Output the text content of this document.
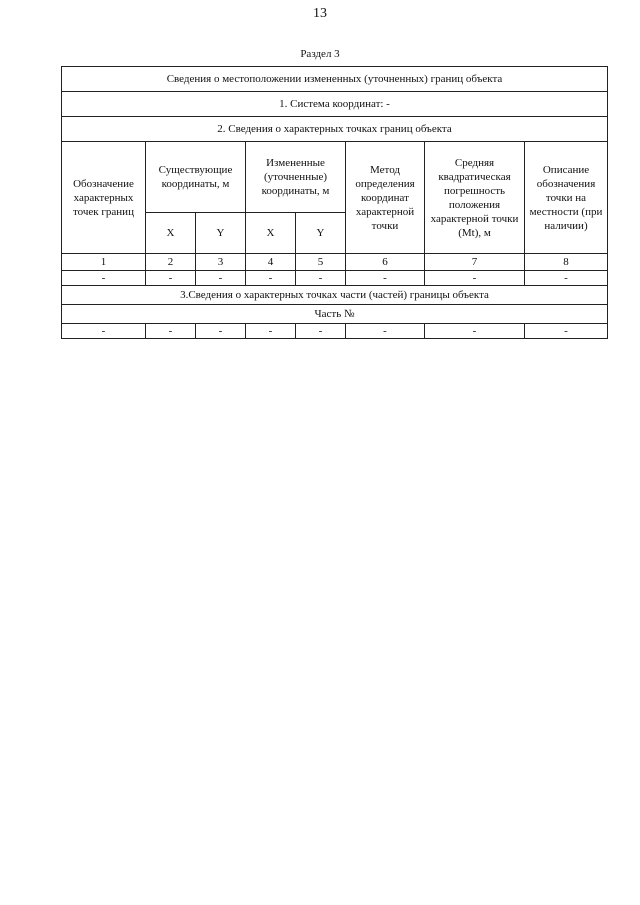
13
Раздел 3
Сведения о местоположении измененных (уточненных) границ объекта							
1. Система координат: -							
2. Сведения о характерных точках границ объекта							
Обозначение характерных точек границ	Существующие координаты, м		Измененные (уточненные) координаты, м		Метод определения координат характерной точки	Средняя квадратическая погрешность положения характерной точки (Mt), м	Описание обозначения точки на местности (при наличии)
	X	Y	X	Y			
1	2	3	4	5	6	7	8
-	-	-	-	-	-	-	-
3.Сведения о характерных точках части (частей) границы объекта							
Часть №							
-	-	-	-	-	-	-	-
